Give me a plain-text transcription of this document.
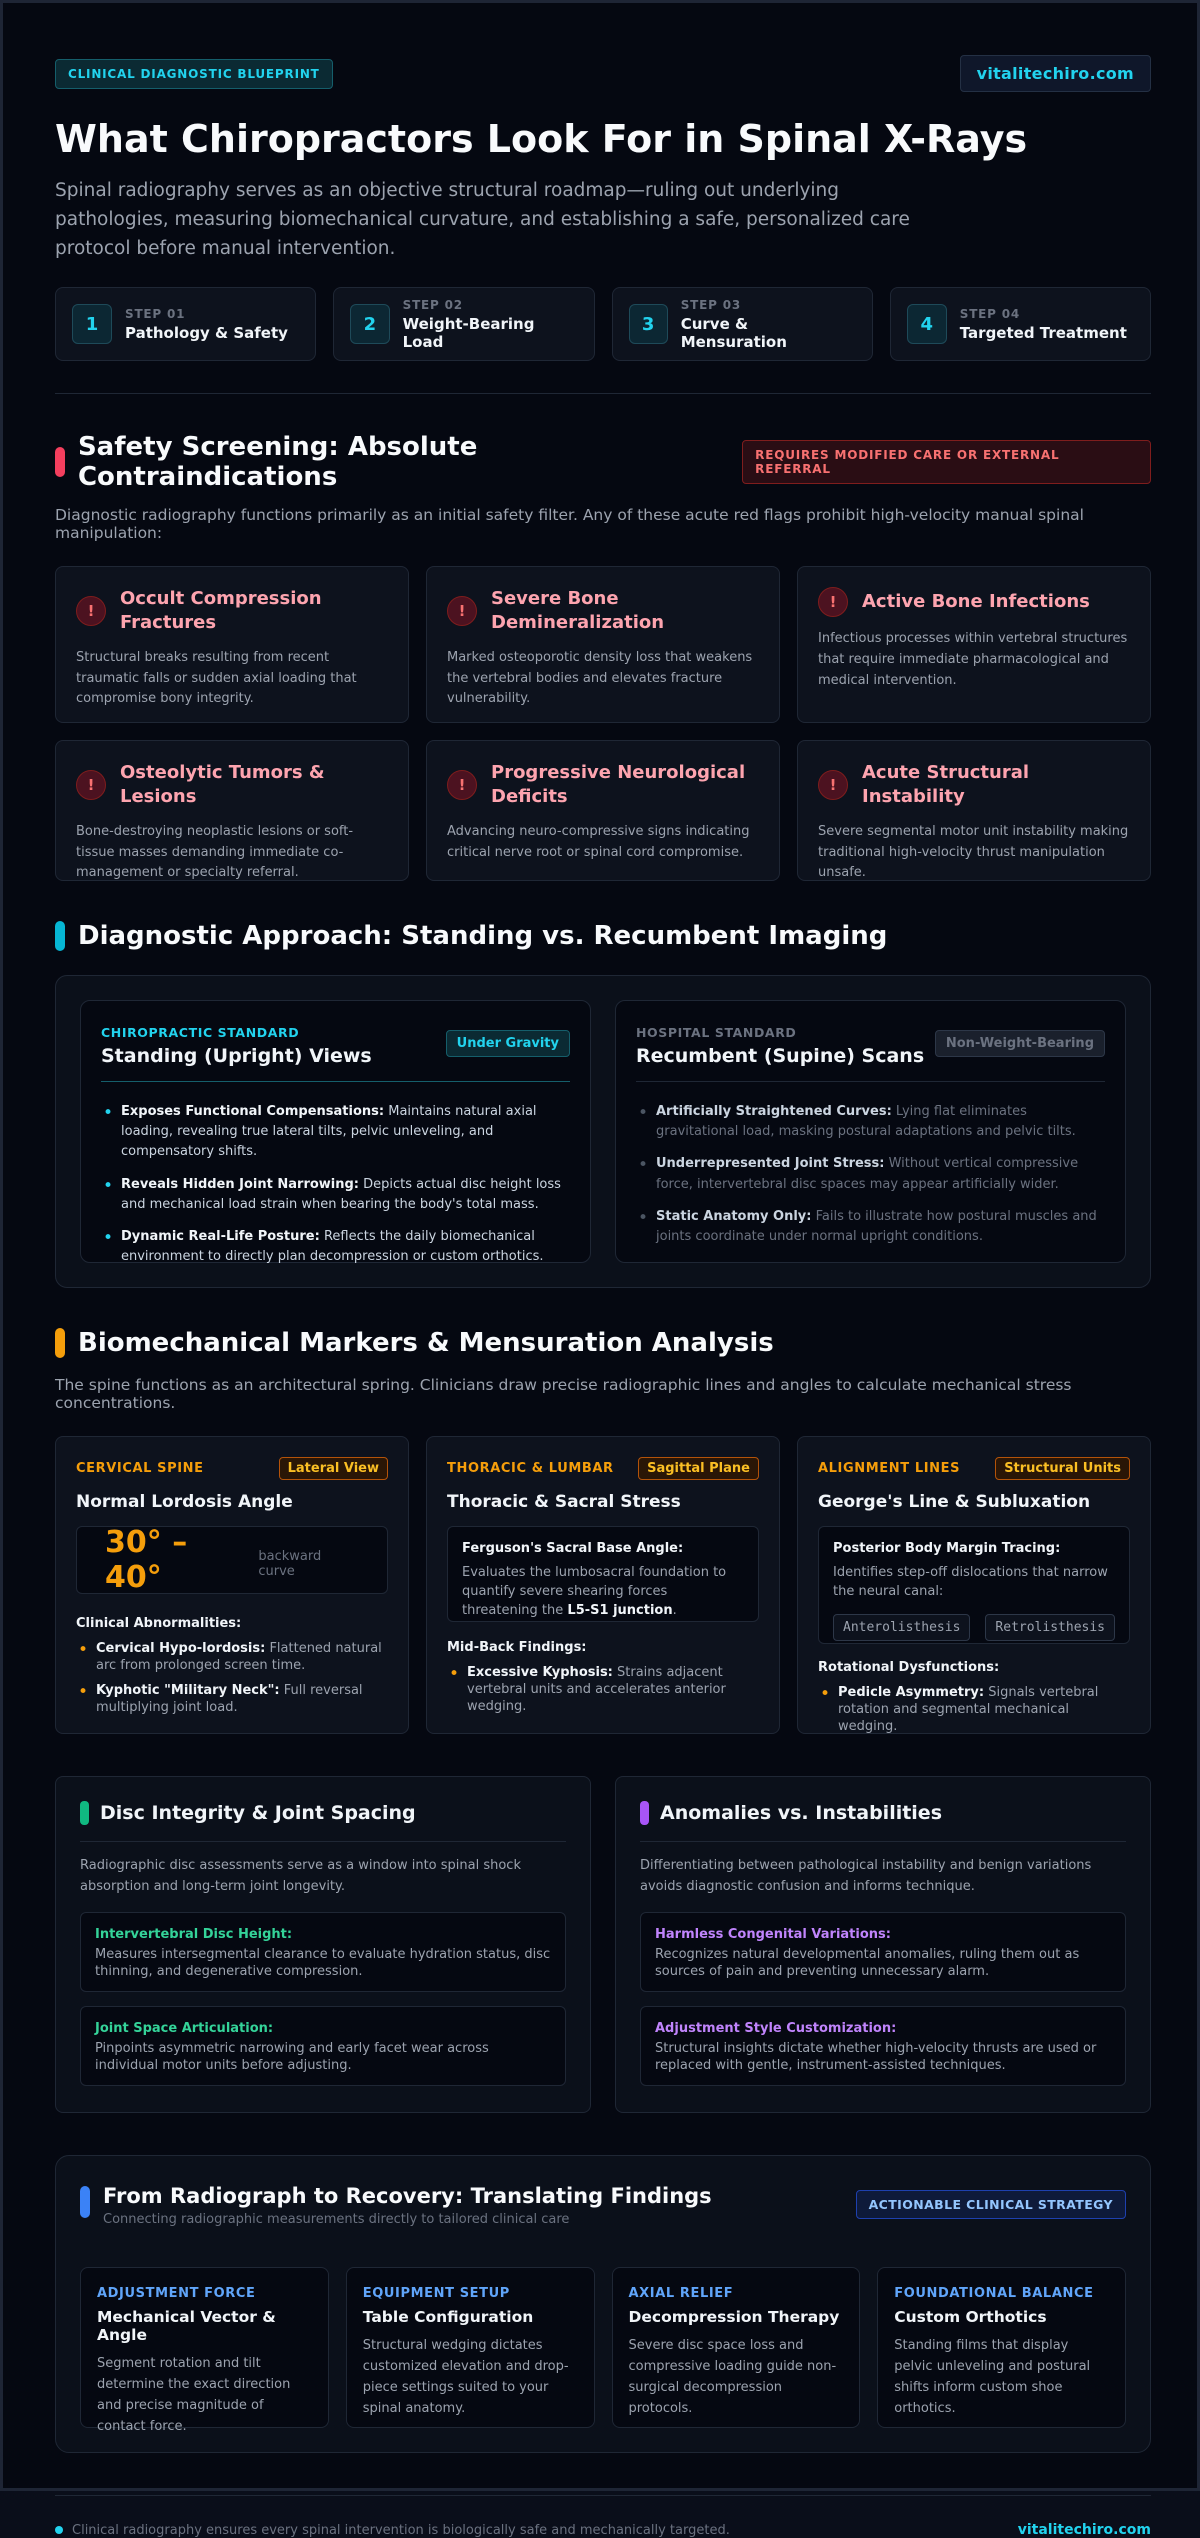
CLINICAL DIAGNOSTIC BLUEPRINT	vitalitechiro.com
What Chiropractors Look For in Spinal X-Rays

Spinal radiography serves as an objective structural roadmap—ruling out underlying pathologies, measuring biomechanical curvature, and establishing a safe, personalized care protocol before manual intervention.

1	STEP 01
Pathology & Safety	2
STEP 02
Weight-Bearing Load
3
STEP 03
Curve & Mensuration
4	STEP 04
Targeted Treatment
Safety Screening: Absolute Contraindications
REQUIRES MODIFIED CARE OR EXTERNAL REFERRAL

Diagnostic radiography functions primarily as an initial safety filter. Any of these acute red flags prohibit high-velocity manual spinal manipulation:

!
Occult Compression Fractures

Structural breaks resulting from recent traumatic falls or sudden axial loading that compromise bony integrity.

!
Severe Bone Demineralization

Marked osteoporotic density loss that weakens the vertebral bodies and elevates fracture vulnerability.

!	Active Bone Infections

Infectious processes within vertebral structures that require immediate pharmacological and medical intervention.

!
Osteolytic Tumors & Lesions

Bone-destroying neoplastic lesions or soft-tissue masses demanding immediate co-management or specialty referral.

!
Progressive Neurological Deficits

Advancing neuro-compressive signs indicating critical nerve root or spinal cord compromise.

!
Acute Structural Instability

Severe segmental motor unit instability making traditional high-velocity thrust manipulation unsafe.

Diagnostic Approach: Standing vs. Recumbent Imaging
CHIROPRACTIC STANDARD
Standing (Upright) Views
Under Gravity
• Exposes Functional Compensations: Maintains natural axial loading, revealing true lateral tilts, pelvic unleveling, and compensatory shifts.
• Reveals Hidden Joint Narrowing: Depicts actual disc height loss and mechanical load strain when bearing the body's total mass.
• Dynamic Real-Life Posture: Reflects the daily biomechanical environment to directly plan decompression or custom orthotics.
HOSPITAL STANDARD
Recumbent (Supine) Scans
Non-Weight-Bearing
• Artificially Straightened Curves: Lying flat eliminates gravitational load, masking postural adaptations and pelvic tilts.
• Underrepresented Joint Stress: Without vertical compressive force, intervertebral disc spaces may appear artificially wider.
• Static Anatomy Only: Fails to illustrate how postural muscles and joints coordinate under normal upright conditions.
Biomechanical Markers & Mensuration Analysis

The spine functions as an architectural spring. Clinicians draw precise radiographic lines and angles to calculate mechanical stress concentrations.

CERVICAL SPINE	Lateral View
Normal Lordosis Angle
30° – 40°
backward curve
Clinical Abnormalities:
• Cervical Hypo-lordosis: Flattened natural arc from prolonged screen time.
• Kyphotic "Military Neck": Full reversal multiplying joint load.
THORACIC & LUMBAR	Sagittal Plane
Thoracic & Sacral Stress
Ferguson's Sacral Base Angle:

Evaluates the lumbosacral foundation to quantify severe shearing forces threatening the L5-S1 junction.

Mid-Back Findings:
• Excessive Kyphosis: Strains adjacent vertebral units and accelerates anterior wedging.
ALIGNMENT LINES	Structural Units
George's Line & Subluxation
Posterior Body Margin Tracing:

Identifies step-off dislocations that narrow the neural canal:

Anterolisthesis	Retrolisthesis
Rotational Dysfunctions:
• Pedicle Asymmetry: Signals vertebral rotation and segmental mechanical wedging.
Disc Integrity & Joint Spacing

Radiographic disc assessments serve as a window into spinal shock absorption and long-term joint longevity.

Intervertebral Disc Height:
Measures intersegmental clearance to evaluate hydration status, disc thinning, and degenerative compression.
Joint Space Articulation:
Pinpoints asymmetric narrowing and early facet wear across individual motor units before adjusting.
Anomalies vs. Instabilities

Differentiating between pathological instability and benign variations avoids diagnostic confusion and informs technique.

Harmless Congenital Variations:
Recognizes natural developmental anomalies, ruling them out as sources of pain and preventing unnecessary alarm.
Adjustment Style Customization:
Structural insights dictate whether high-velocity thrusts are used or replaced with gentle, instrument-assisted techniques.
From Radiograph to Recovery: Translating Findings

Connecting radiographic measurements directly to tailored clinical care

ACTIONABLE CLINICAL STRATEGY
ADJUSTMENT FORCE
Mechanical Vector & Angle

Segment rotation and tilt determine the exact direction and precise magnitude of contact force.

EQUIPMENT SETUP
Table Configuration

Structural wedging dictates customized elevation and drop-piece settings suited to your spinal anatomy.

AXIAL RELIEF
Decompression Therapy

Severe disc space loss and compressive loading guide non-surgical decompression protocols.

FOUNDATIONAL BALANCE
Custom Orthotics

Standing films that display pelvic unleveling and postural shifts inform custom shoe orthotics.

Clinical radiography ensures every spinal intervention is biologically safe and mechanically targeted.	vitalitechiro.com
